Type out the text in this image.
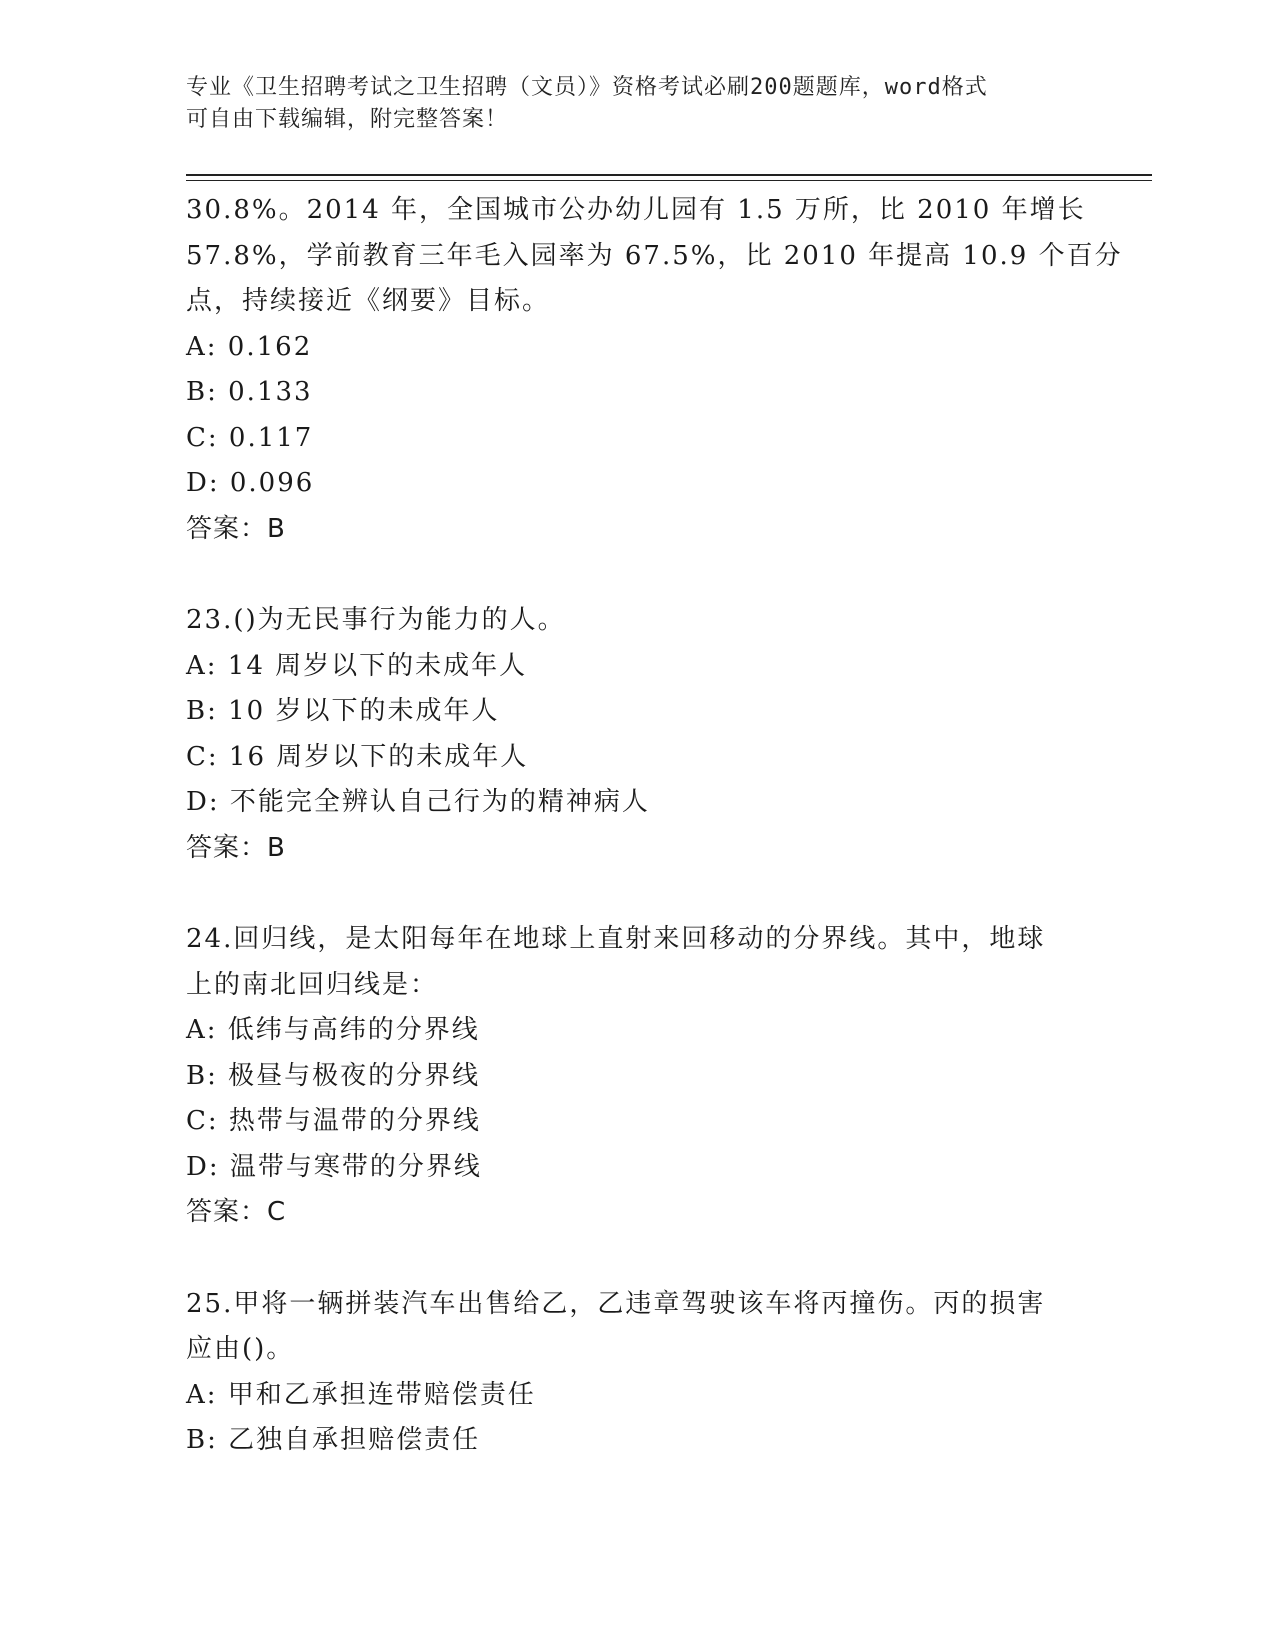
专业《卫生招聘考试之卫生招聘（文员）》资格考试必刷200题题库，word格式
可自由下载编辑，附完整答案！
30.8%。2014 年，全国城市公办幼儿园有 1.5 万所，比 2010 年增长
57.8%，学前教育三年毛入园率为 67.5%，比 2010 年提高 10.9 个百分
点，持续接近《纲要》目标。
A: 0.162
B: 0.133
C: 0.117
D: 0.096
答案：B
23.()为无民事行为能力的人。
A: 14 周岁以下的未成年人
B: 10 岁以下的未成年人
C: 16 周岁以下的未成年人
D: 不能完全辨认自己行为的精神病人
答案：B
24.回归线，是太阳每年在地球上直射来回移动的分界线。其中，地球
上的南北回归线是：
A: 低纬与高纬的分界线
B: 极昼与极夜的分界线
C: 热带与温带的分界线
D: 温带与寒带的分界线
答案：C
25.甲将一辆拼装汽车出售给乙，乙违章驾驶该车将丙撞伤。丙的损害
应由()。
A: 甲和乙承担连带赔偿责任
B: 乙独自承担赔偿责任
